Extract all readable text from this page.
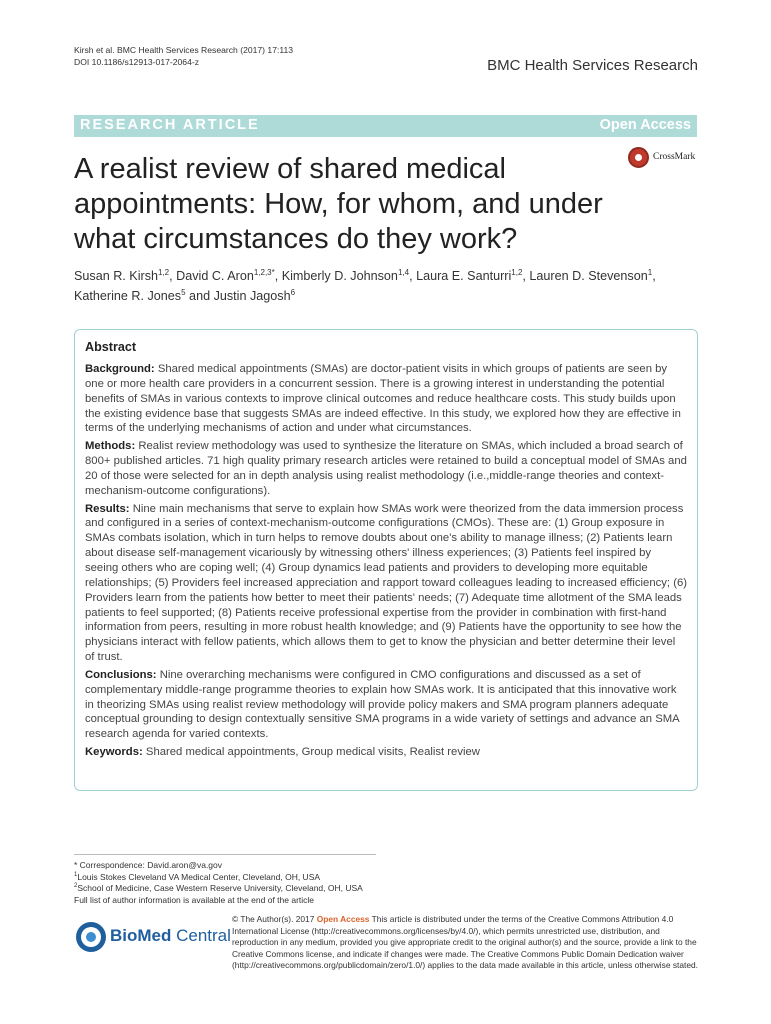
Kirsh et al. BMC Health Services Research (2017) 17:113
DOI 10.1186/s12913-017-2064-z	BMC Health Services Research
RESEARCH ARTICLE	Open Access
CrossMark
A realist review of shared medical appointments: How, for whom, and under what circumstances do they work?
Susan R. Kirsh$^{1,2}$, David C. Aron$^{1,2,3*}$, Kimberly D. Johnson$^{1,4}$, Laura E. Santurri$^{1,2}$, Lauren D. Stevenson$^1$,
Katherine R. Jones$^5$ and Justin Jagosh$^6$
Abstract

Background: Shared medical appointments (SMAs) are doctor-patient visits in which groups of patients are seen by one or more health care providers in a concurrent session. There is a growing interest in understanding the potential benefits of SMAs in various contexts to improve clinical outcomes and reduce healthcare costs. This study builds upon the existing evidence base that suggests SMAs are indeed effective. In this study, we explored how they are effective in terms of the underlying mechanisms of action and under what circumstances.

Methods: Realist review methodology was used to synthesize the literature on SMAs, which included a broad search of 800+ published articles. 71 high quality primary research articles were retained to build a conceptual model of SMAs and 20 of those were selected for an in depth analysis using realist methodology (i.e.,middle-range theories and context-mechanism-outcome configurations).

Results: Nine main mechanisms that serve to explain how SMAs work were theorized from the data immersion process and configured in a series of context-mechanism-outcome configurations (CMOs). These are: (1) Group exposure in SMAs combats isolation, which in turn helps to remove doubts about one's ability to manage illness; (2) Patients learn about disease self-management vicariously by witnessing others' illness experiences; (3) Patients feel inspired by seeing others who are coping well; (4) Group dynamics lead patients and providers to developing more equitable relationships; (5) Providers feel increased appreciation and rapport toward colleagues leading to increased efficiency; (6) Providers learn from the patients how better to meet their patients' needs; (7) Adequate time allotment of the SMA leads patients to feel supported; (8) Patients receive professional expertise from the provider in combination with first-hand information from peers, resulting in more robust health knowledge; and (9) Patients have the opportunity to see how the physicians interact with fellow patients, which allows them to get to know the physician and better determine their level of trust.

Conclusions: Nine overarching mechanisms were configured in CMO configurations and discussed as a set of complementary middle-range programme theories to explain how SMAs work. It is anticipated that this innovative work in theorizing SMAs using realist review methodology will provide policy makers and SMA program planners adequate conceptual grounding to design contextually sensitive SMA programs in a wide variety of settings and advance an SMA research agenda for varied contexts.

Keywords: Shared medical appointments, Group medical visits, Realist review

* Correspondence: David.aron@va.gov
$^1$Louis Stokes Cleveland VA Medical Center, Cleveland, OH, USA
$^2$School of Medicine, Case Western Reserve University, Cleveland, OH, USA
Full list of author information is available at the end of the article
BioMed Central
© The Author(s). 2017 Open Access This article is distributed under the terms of the Creative Commons Attribution 4.0 International License (http://creativecommons.org/licenses/by/4.0/), which permits unrestricted use, distribution, and reproduction in any medium, provided you give appropriate credit to the original author(s) and the source, provide a link to the Creative Commons license, and indicate if changes were made. The Creative Commons Public Domain Dedication waiver (http://creativecommons.org/publicdomain/zero/1.0/) applies to the data made available in this article, unless otherwise stated.
